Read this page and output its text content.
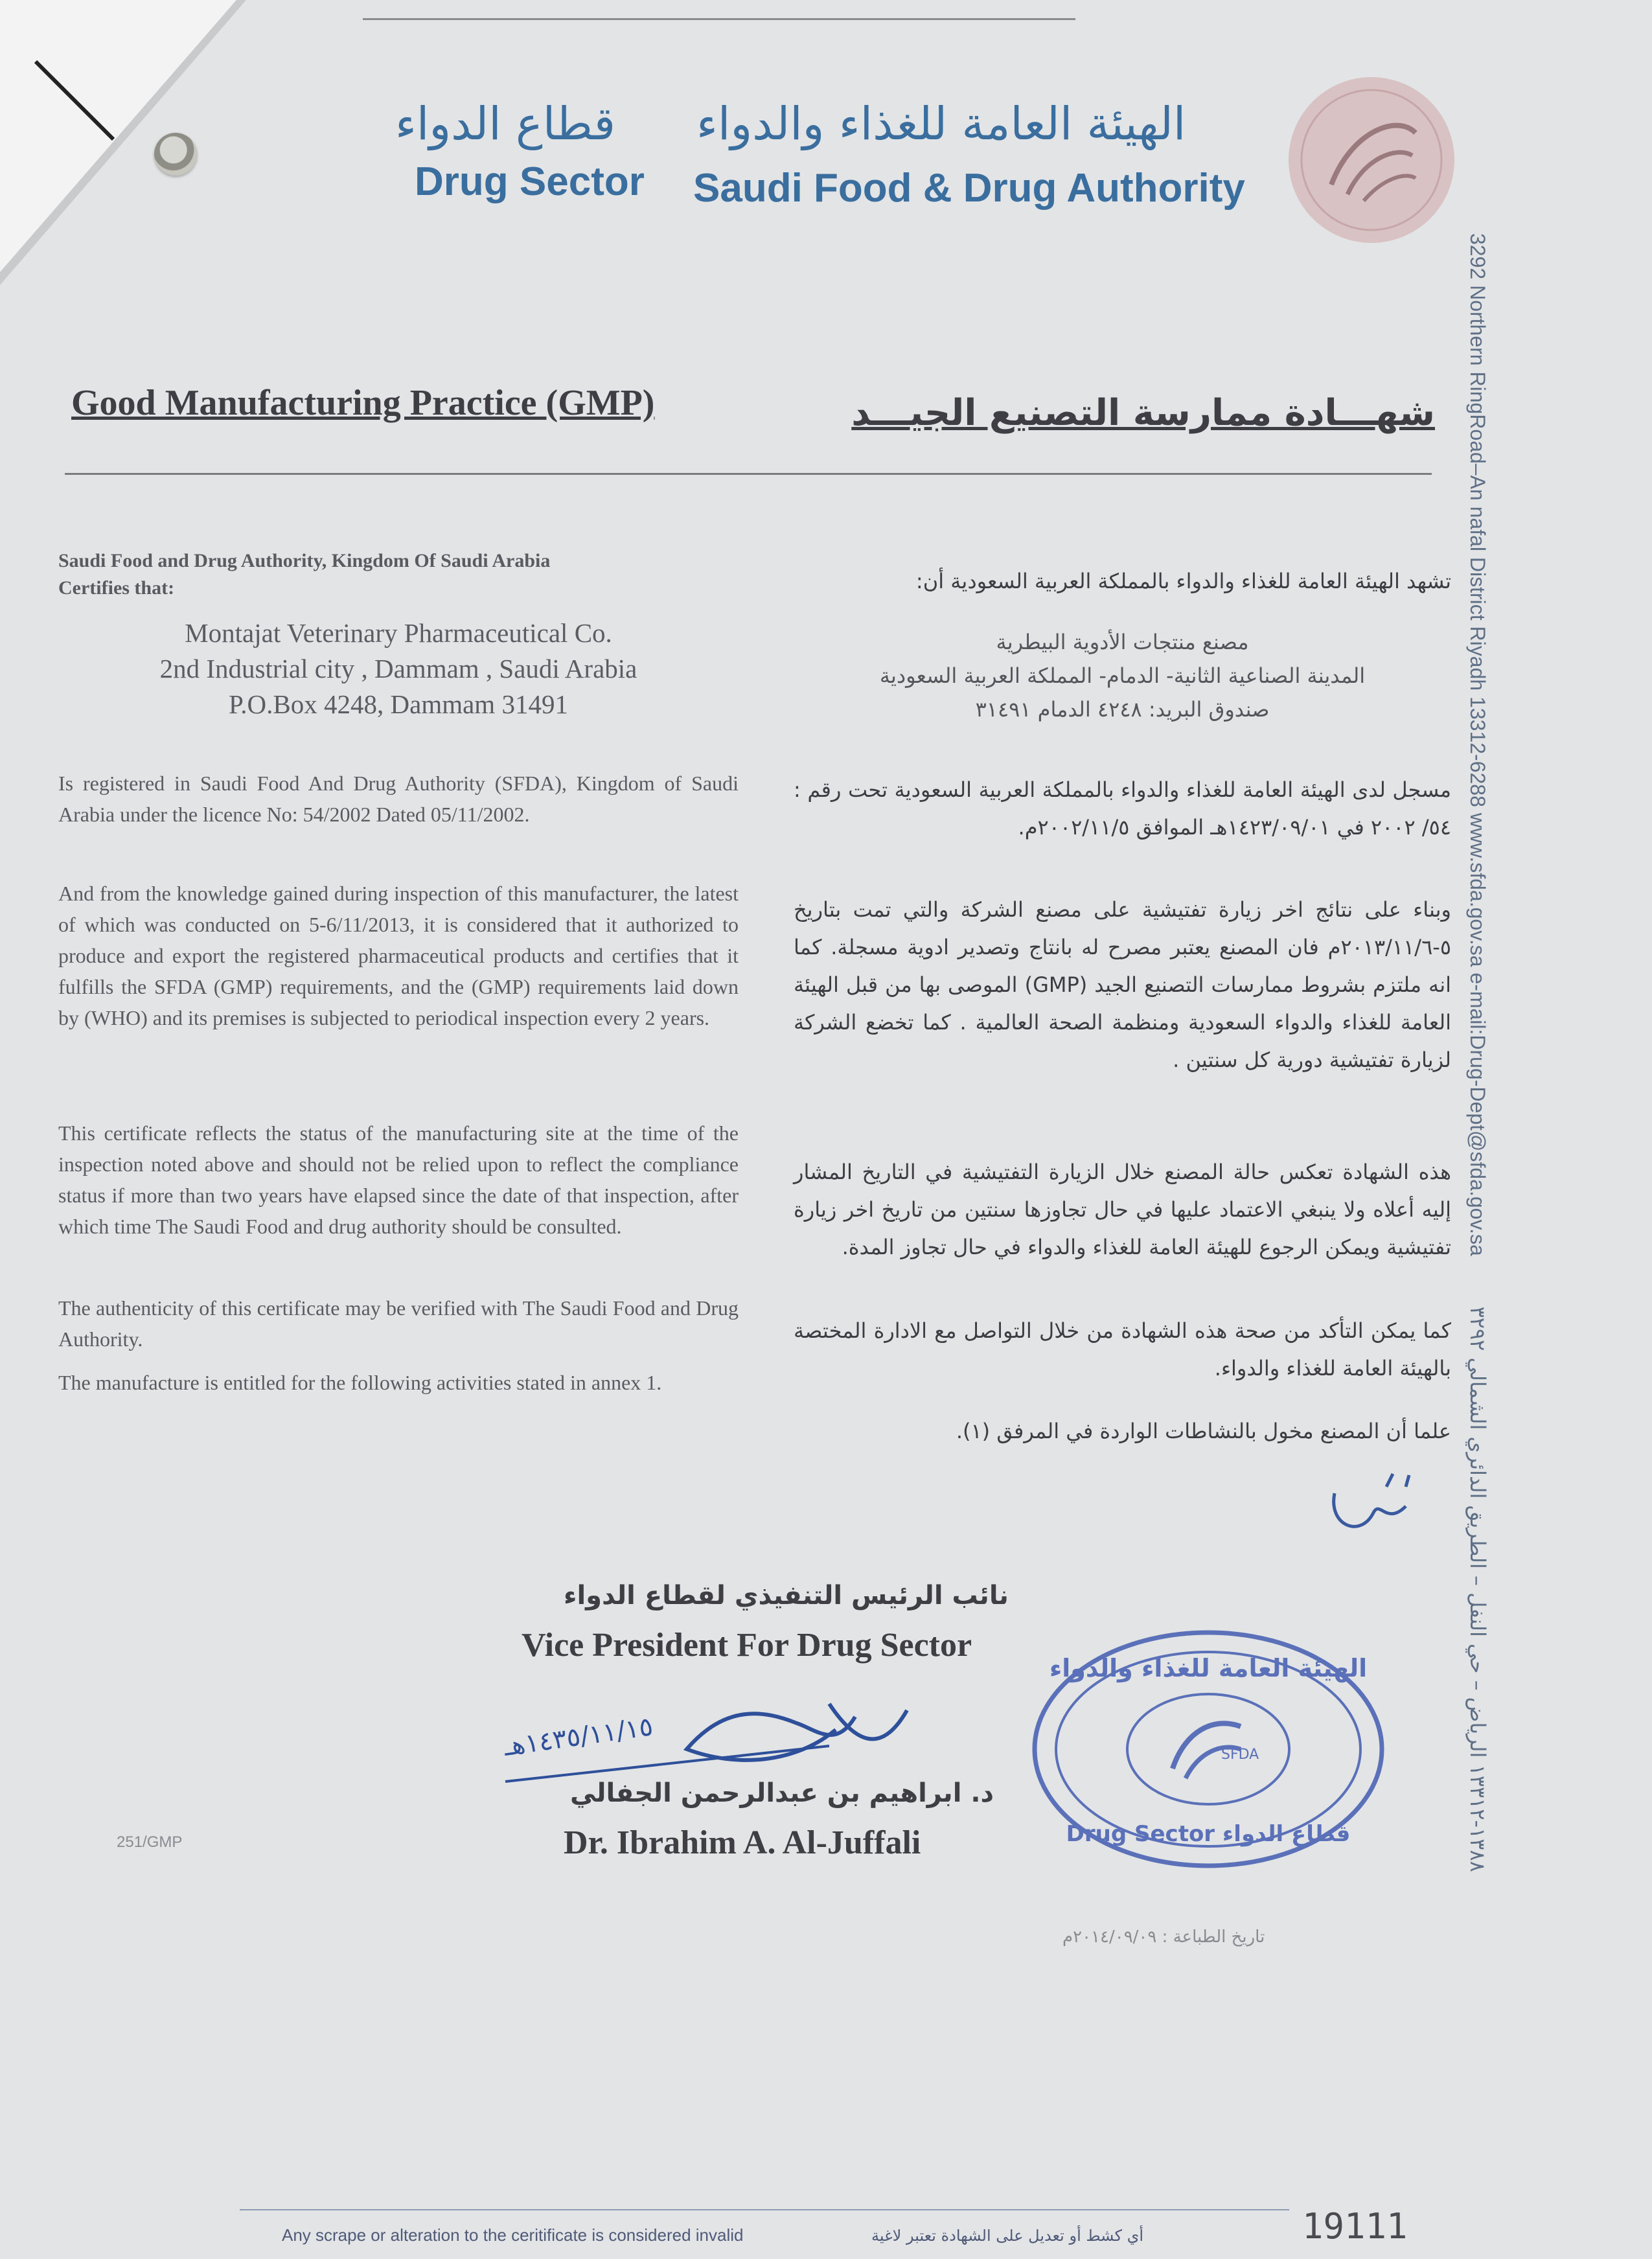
قطاع الدواء الهيئة العامة للغذاء والدواء
Drug Sector Saudi Food & Drug Authority
3292 Northern RingRoad–An nafal District Riyadh 13312-6288 www.sfda.gov.sa e-mail:Drug-Dept@sfda.gov.sa  ١٣٨٨-١٣٣١٢ الرياض – حي النفل – الطريق الدائري الشمالي ٣٢٩٢
Good Manufacturing Practice (GMP)	شهـــادة ممارسة التصنيع الجيـــد
Saudi Food and Drug Authority, Kingdom Of Saudi Arabia
Certifies that:
Montajat Veterinary Pharmaceutical Co.
2nd Industrial city , Dammam , Saudi Arabia
P.O.Box 4248, Dammam 31491
Is registered in Saudi Food And Drug Authority (SFDA), Kingdom of Saudi Arabia under the licence No: 54/2002 Dated 05/11/2002.
And from the knowledge gained during inspection of this manufacturer, the latest of which was conducted on 5-6/11/2013, it is considered that it authorized to produce and export the registered pharmaceutical products and certifies that it fulfills the SFDA (GMP) requirements, and the (GMP) requirements laid down by (WHO) and its premises is subjected to periodical inspection every 2 years.
This certificate reflects the status of the manufacturing site at the time of the inspection noted above and should not be relied upon to reflect the compliance status if more than two years have elapsed since the date of that inspection, after which time The Saudi Food and drug authority should be consulted.
The authenticity of this certificate may be verified with The Saudi Food and Drug Authority.
The manufacture is entitled for the following activities stated in annex 1.
تشهد الهيئة العامة للغذاء والدواء بالمملكة العربية السعودية أن:
مصنع منتجات الأدوية البيطرية
المدينة الصناعية الثانية- الدمام- المملكة العربية السعودية
صندوق البريد: ٤٢٤٨ الدمام ٣١٤٩١
مسجل لدى الهيئة العامة للغذاء والدواء بالمملكة العربية السعودية تحت رقم : ٥٤/ ٢٠٠٢ في ١٤٢٣/٠٩/٠١هـ الموافق ٢٠٠٢/١١/٥م.
وبناء على نتائج اخر زيارة تفتيشية على مصنع الشركة والتي تمت بتاريخ ٥-٢٠١٣/١١/٦م فان المصنع يعتبر مصرح له بانتاج وتصدير ادوية مسجلة. كما انه ملتزم بشروط ممارسات التصنيع الجيد (GMP) الموصى بها من قبل الهيئة العامة للغذاء والدواء السعودية ومنظمة الصحة العالمية . كما تخضع الشركة لزيارة تفتيشية دورية كل سنتين .
هذه الشهادة تعكس حالة المصنع خلال الزيارة التفتيشية في التاريخ المشار إليه أعلاه ولا ينبغي الاعتماد عليها في حال تجاوزها سنتين من تاريخ اخر زيارة تفتيشية ويمكن الرجوع للهيئة العامة للغذاء والدواء في حال تجاوز المدة.
كما يمكن التأكد من صحة هذه الشهادة من خلال التواصل مع الادارة المختصة بالهيئة العامة للغذاء والدواء.
علما أن المصنع مخول بالنشاطات الواردة في المرفق (١).
نائب الرئيس التنفيذي لقطاع الدواء
Vice President For Drug Sector
١٤٣٥/١١/١٥هـ
د. ابراهيم بن عبدالرحمن الجفالي
Dr. Ibrahim A. Al-Juffali
الهيئة العامة للغذاء والدواء
SFDA
Drug Sector قطاع الدواء
251/GMP
تاريخ الطباعة : ٢٠١٤/٠٩/٠٩م
Any scrape or alteration to the ceritificate is considered invalid	أي كشط أو تعديل على الشهادة تعتبر لاغية	19111
